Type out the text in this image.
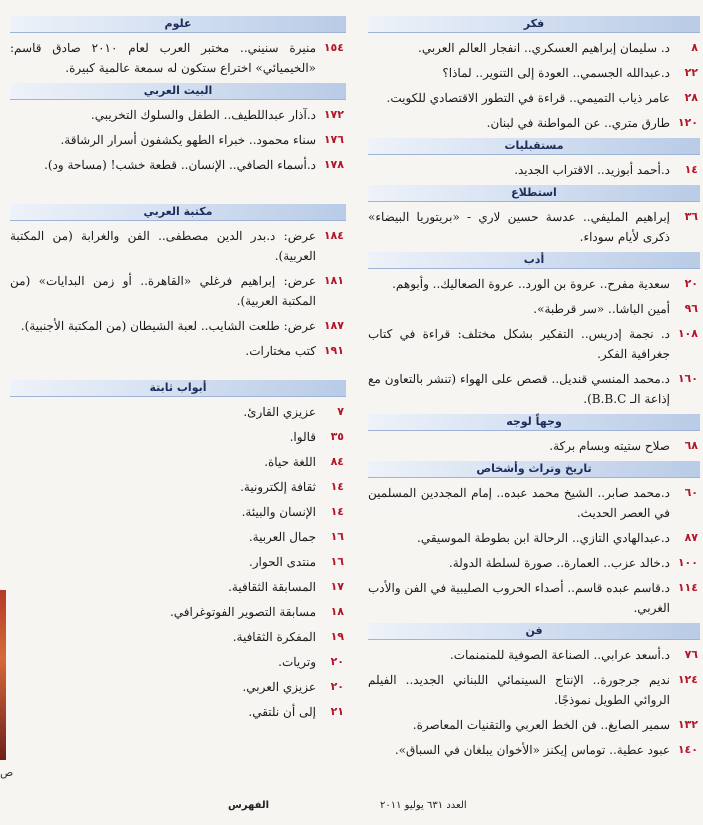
فكر
٨
د. سليمان إبراهيم العسكري.. انفجار العالم العربي.
٢٢
د.عبدالله الجسمي.. العودة إلى التنوير.. لماذا؟
٢٨
عامر ذياب التميمي.. قراءة في التطور الاقتصادي للكويت.
١٢٠
طارق متري.. عن المواطنة في لبنان.
مستقبليات
١٤
د.أحمد أبوزيد.. الاقتراب الجديد.
استطلاع
٣٦
إبراهيم المليفي.. عدسة حسين لاري - «بريتوريا البيضاء» ذكرى لأيام سوداء.
أدب
٢٠
سعدية مفرح.. عروة بن الورد.. عروة الصعاليك.. وأبوهم.
٩٦
أمين الباشا.. «سر قرطبة».
١٠٨
د. نجمة إدريس.. التفكير بشكل مختلف: قراءة في كتاب جغرافية الفكر.
١٦٠
د.محمد المنسي قنديل.. قصص على الهواء (تنشر بالتعاون مع إذاعة الـ B.B.C).
وجهاً لوجه
٦٨
صلاح ستيته وبسام بركة.
تاريخ وتراث وأشخاص
٦٠
د.محمد صابر.. الشيخ محمد عبده.. إمام المجددين المسلمين في العصر الحديث.
٨٧
د.عبدالهادي التازي.. الرحالة ابن بطوطة الموسيقي.
١٠٠
د.خالد عزب.. العمارة.. صورة لسلطة الدولة.
١١٤
د.قاسم عبده قاسم.. أصداء الحروب الصليبية في الفن والأدب الغربي.
فن
٧٦
د.أسعد عرابي.. الصناعة الصوفية للمنمنمات.
١٢٤
نديم جرجورة.. الإنتاج السينمائي اللبناني الجديد.. الفيلم الروائي الطويل نموذجًا.
١٣٢
سمير الصايغ.. فن الخط العربي والتقنيات المعاصرة.
١٤٠
عبود عطية.. توماس إيكنز «الأخوان يبلغان في السباق».
علوم
١٥٤
منيرة سنيني.. مختبر العرب لعام ٢٠١٠ صادق قاسم: «الخيميائي» اختراع ستكون له سمعة عالمية كبيرة.
البيت العربي
١٧٢
د.آذار عبداللطيف.. الطفل والسلوك التخريبي.
١٧٦
سناء محمود.. خبراء الطهو يكشفون أسرار الرشاقة.
١٧٨
د.أسماء الصافي.. الإنسان.. قطعة خشب! (مساحة ود).
مكتبة العربي
١٨٤
عرض: د.بدر الدين مصطفى.. الفن والغرابة (من المكتبة العربية).
١٨١
عرض: إبراهيم فرغلي «القاهرة.. أو زمن البدايات» (من المكتبة العربية).
١٨٧
عرض: طلعت الشايب.. لعبة الشيطان (من المكتبة الأجنبية).
١٩١
كتب مختارات.
أبواب ثابتة
٧
عزيزي القارئ.
٣٥
قالوا.
٨٤
اللغة حياة.
١٤
ثقافة إلكترونية.
١٤
الإنسان والبيئة.
١٦
جمال العربية.
١٦
منتدى الحوار.
١٧
المسابقة الثقافية.
١٨
مسابقة التصوير الفوتوغرافي.
١٩
المفكرة الثقافية.
٢٠
وتريات.
٢٠
عزيزي العربي.
٢١
إلى أن نلتقي.
ص
العدد ٦٣١ يوليو ٢٠١١
الفهرس
